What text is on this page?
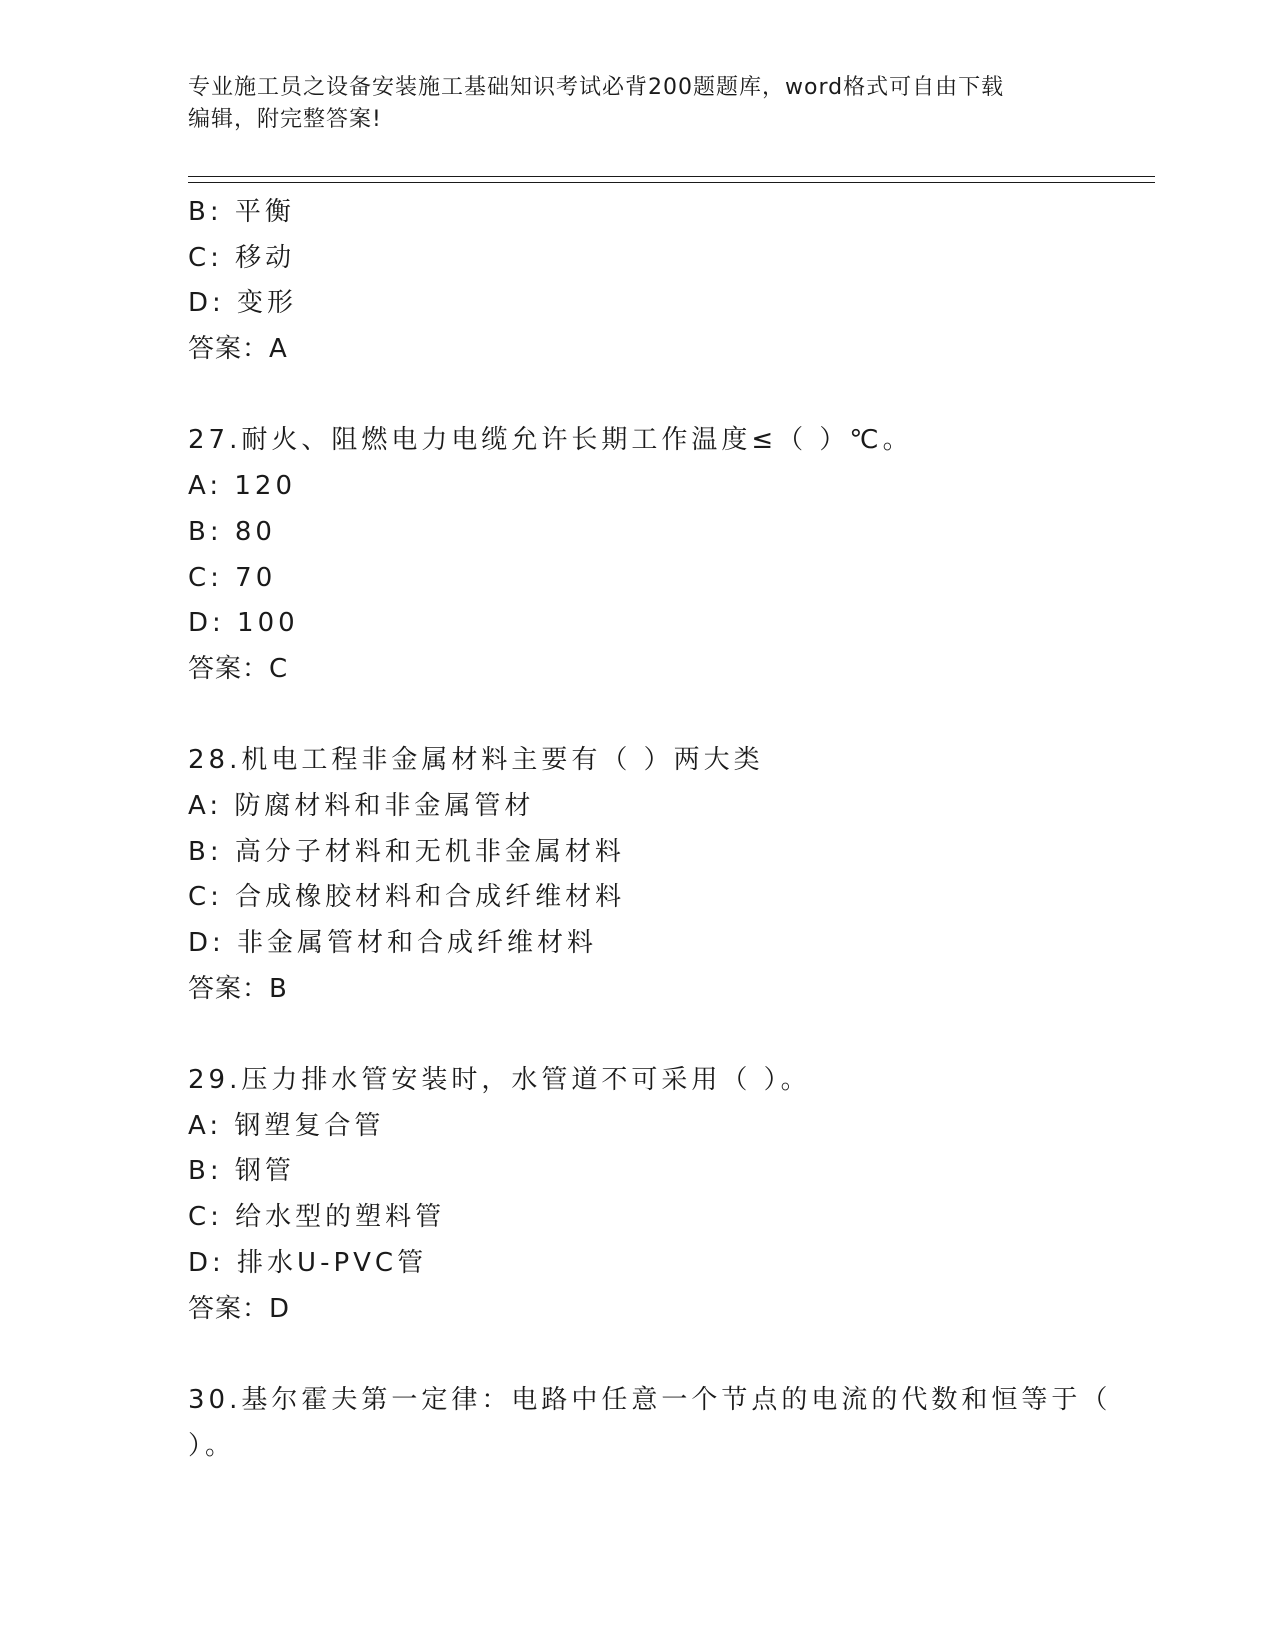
专业施工员之设备安装施工基础知识考试必背200题题库，word格式可自由下载
编辑，附完整答案!
B: 平衡
C: 移动
D: 变形
答案：A
27.耐火、阻燃电力电缆允许长期工作温度≤（ ）℃。
A: 120
B: 80
C: 70
D: 100
答案：C
28.机电工程非金属材料主要有（ ）两大类
A: 防腐材料和非金属管材
B: 高分子材料和无机非金属材料
C: 合成橡胶材料和合成纤维材料
D: 非金属管材和合成纤维材料
答案：B
29.压力排水管安装时，水管道不可采用（ ）。
A: 钢塑复合管
B: 钢管
C: 给水型的塑料管
D: 排水U-PVC管
答案：D
30.基尔霍夫第一定律：电路中任意一个节点的电流的代数和恒等于（
）。
